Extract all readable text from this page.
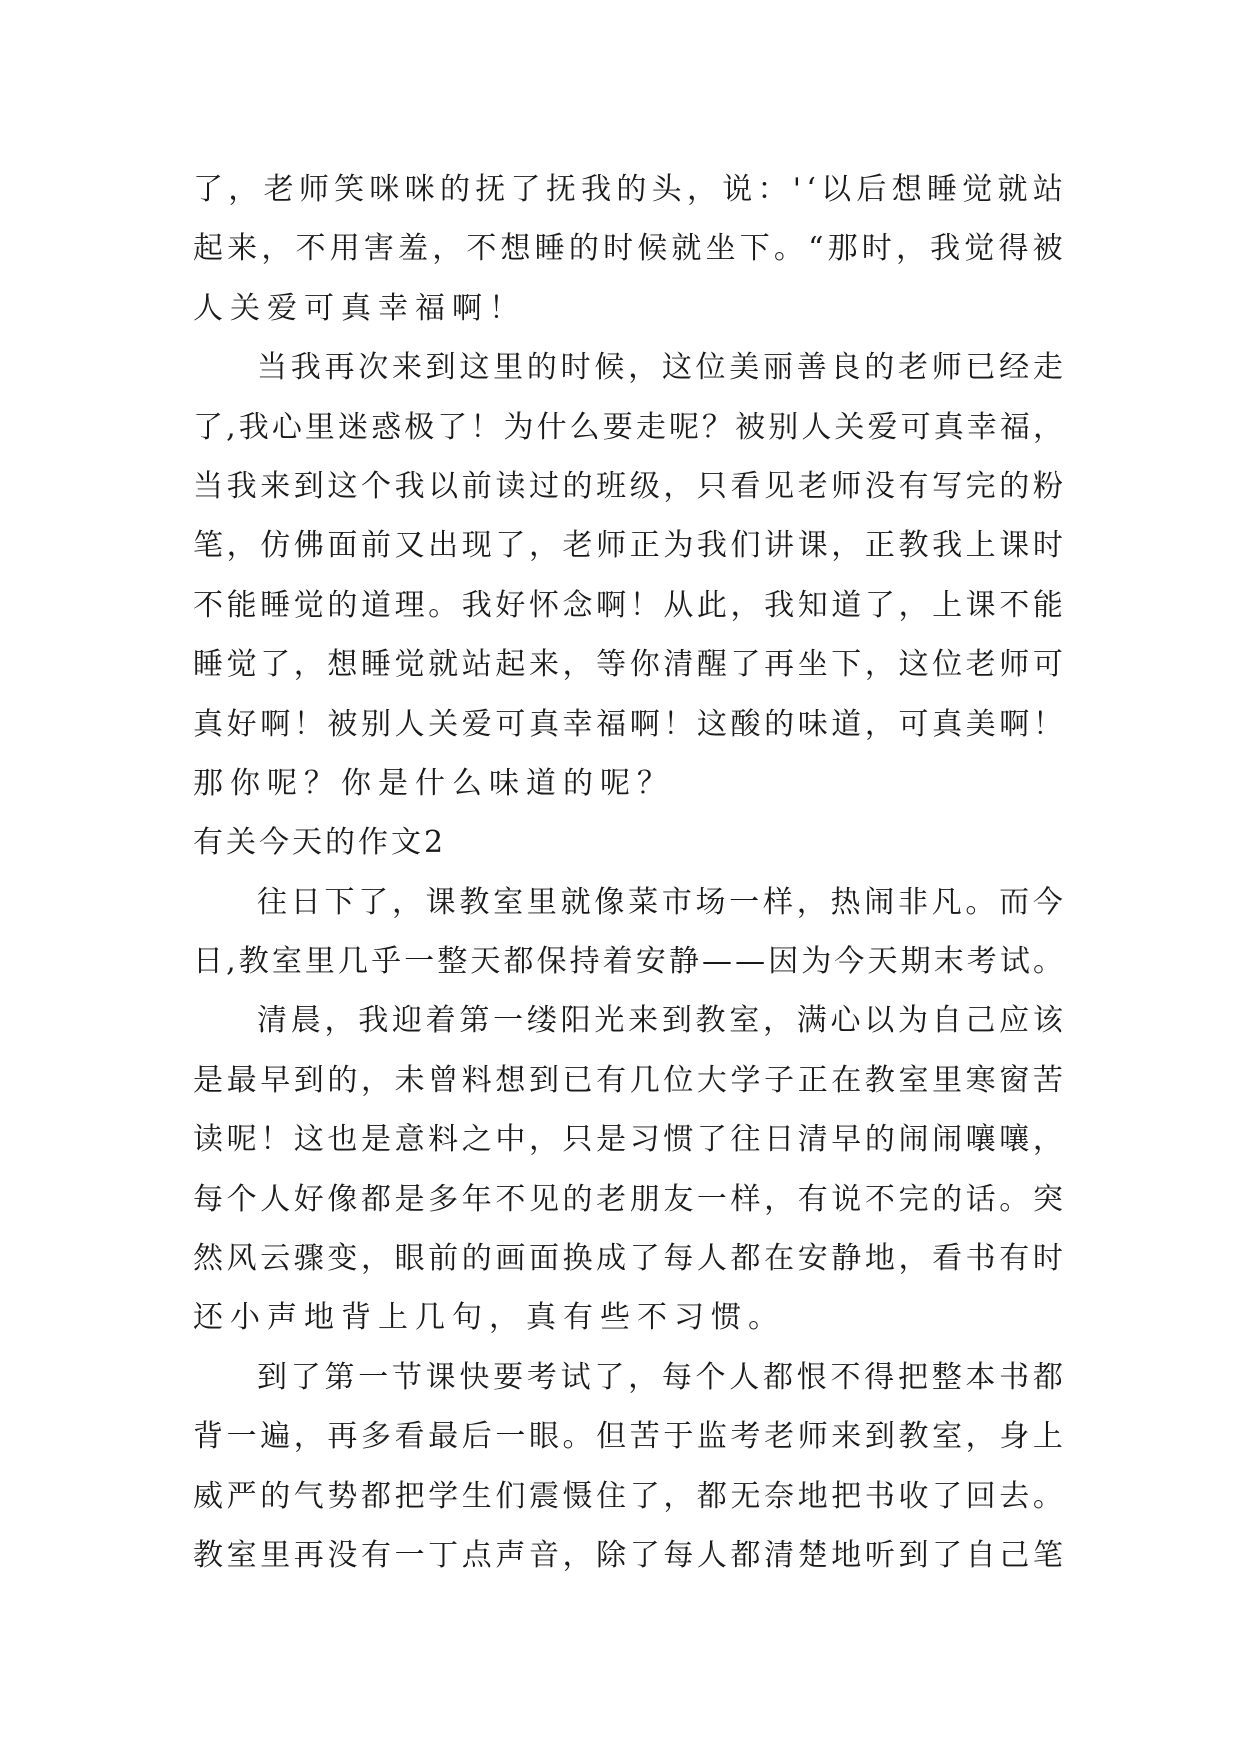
了 ， 老 师 笑 咪 咪 的 抚 了 抚 我 的 头 ， 说 ： ' ‘ 以 后 想 睡 觉 就 站
起 来 ， 不 用 害 羞 ， 不 想 睡 的 时 候 就 坐 下 。 “ 那 时 ， 我 觉 得 被
人关爱可真幸福啊！
当 我 再 次 来 到 这 里 的 时 候 ， 这 位 美 丽 善 良 的 老 师 已 经 走
了 , 我 心 里 迷 惑 极 了 ！ 为 什 么 要 走 呢 ？ 被 别 人 关 爱 可 真 幸 福 ，
当 我 来 到 这 个 我 以 前 读 过 的 班 级 ， 只 看 见 老 师 没 有 写 完 的 粉
笔 ， 仿 佛 面 前 又 出 现 了 ， 老 师 正 为 我 们 讲 课 ， 正 教 我 上 课 时
不 能 睡 觉 的 道 理 。 我 好 怀 念 啊 ！ 从 此 ， 我 知 道 了 ， 上 课 不 能
睡 觉 了 ， 想 睡 觉 就 站 起 来 ， 等 你 清 醒 了 再 坐 下 ， 这 位 老 师 可
真 好 啊 ！ 被 别 人 关 爱 可 真 幸 福 啊 ！ 这 酸 的 味 道 ， 可 真 美 啊 ！
那你呢？你是什么味道的呢？
有关今天的作文2
往 日 下 了 ， 课 教 室 里 就 像 菜 市 场 一 样 ， 热 闹 非 凡 。 而 今
日 , 教 室 里 几 乎 一 整 天 都 保 持 着 安 静 — — 因 为 今 天 期 末 考 试 。
清 晨 ， 我 迎 着 第 一 缕 阳 光 来 到 教 室 ， 满 心 以 为 自 己 应 该
是 最 早 到 的 ， 未 曾 料 想 到 已 有 几 位 大 学 子 正 在 教 室 里 寒 窗 苦
读 呢 ！ 这 也 是 意 料 之 中 ， 只 是 习 惯 了 往 日 清 早 的 闹 闹 嚷 嚷 ，
每 个 人 好 像 都 是 多 年 不 见 的 老 朋 友 一 样 ， 有 说 不 完 的 话 。 突
然 风 云 骤 变 ， 眼 前 的 画 面 换 成 了 每 人 都 在 安 静 地 ， 看 书 有 时
还小声地背上几句，真有些不习惯。
到 了 第 一 节 课 快 要 考 试 了 ， 每 个 人 都 恨 不 得 把 整 本 书 都
背 一 遍 ， 再 多 看 最 后 一 眼 。 但 苦 于 监 考 老 师 来 到 教 室 ， 身 上
威 严 的 气 势 都 把 学 生 们 震 慑 住 了 ， 都 无 奈 地 把 书 收 了 回 去 。
教 室 里 再 没 有 一 丁 点 声 音 ， 除 了 每 人 都 清 楚 地 听 到 了 自 己 笔
